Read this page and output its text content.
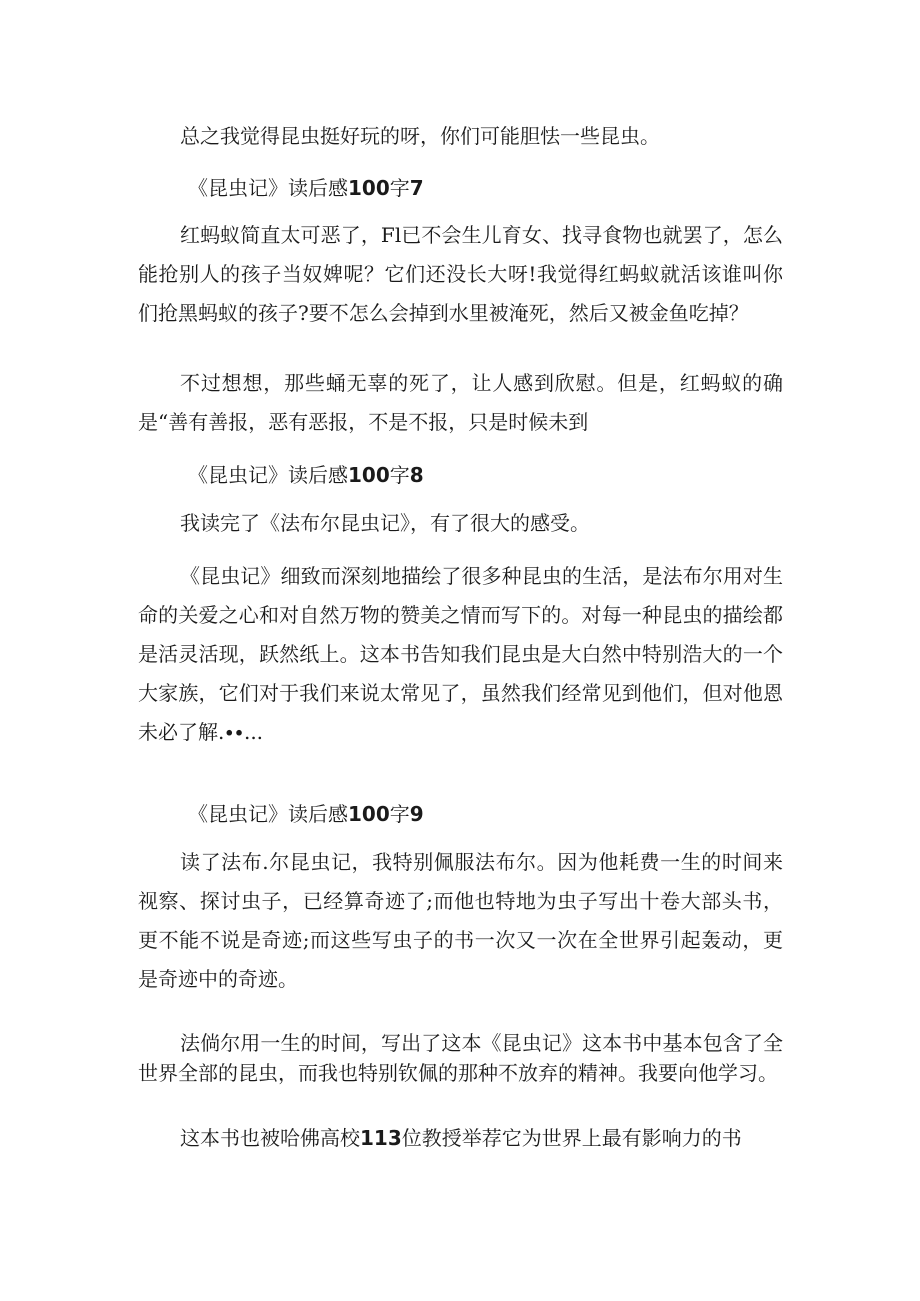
总之我觉得昆虫挺好玩的呀，你们可能胆怯一些昆虫。

《昆虫记》读后感100字7

红蚂蚁简直太可恶了，Fl已不会生儿育女、找寻食物也就罢了，怎么能抢别人的孩子当奴婢呢？它们还没长大呀!我觉得红蚂蚁就活该谁叫你们抢黑蚂蚁的孩子?要不怎么会掉到水里被淹死，然后又被金鱼吃掉？

不过想想，那些蛹无辜的死了，让人感到欣慰。但是，红蚂蚁的确是“善有善报，恶有恶报，不是不报，只是时候未到

《昆虫记》读后感100字8

我读完了《法布尔昆虫记》，有了很大的感受。

《昆虫记》细致而深刻地描绘了很多种昆虫的生活，是法布尔用对生命的关爱之心和对自然万物的赞美之情而写下的。对每一种昆虫的描绘都是活灵活现，跃然纸上。这本书告知我们昆虫是大白然中特别浩大的一个大家族，它们对于我们来说太常见了，虽然我们经常见到他们，但对他恩未必了解.∙∙...

《昆虫记》读后感100字9

读了法布.尔昆虫记，我特别佩服法布尔。因为他耗费一生的时间来视察、探讨虫子，已经算奇迹了;而他也特地为虫子写出十卷大部头书，更不能不说是奇迹;而这些写虫子的书一次又一次在全世界引起轰动，更是奇迹中的奇迹。

法倘尔用一生的时间，写出了这本《昆虫记》这本书中基本包含了全世界全部的昆虫，而我也特别钦佩的那种不放弃的精神。我要向他学习。

这本书也被哈佛高校113位教授举荐它为世界上最有影响力的书
